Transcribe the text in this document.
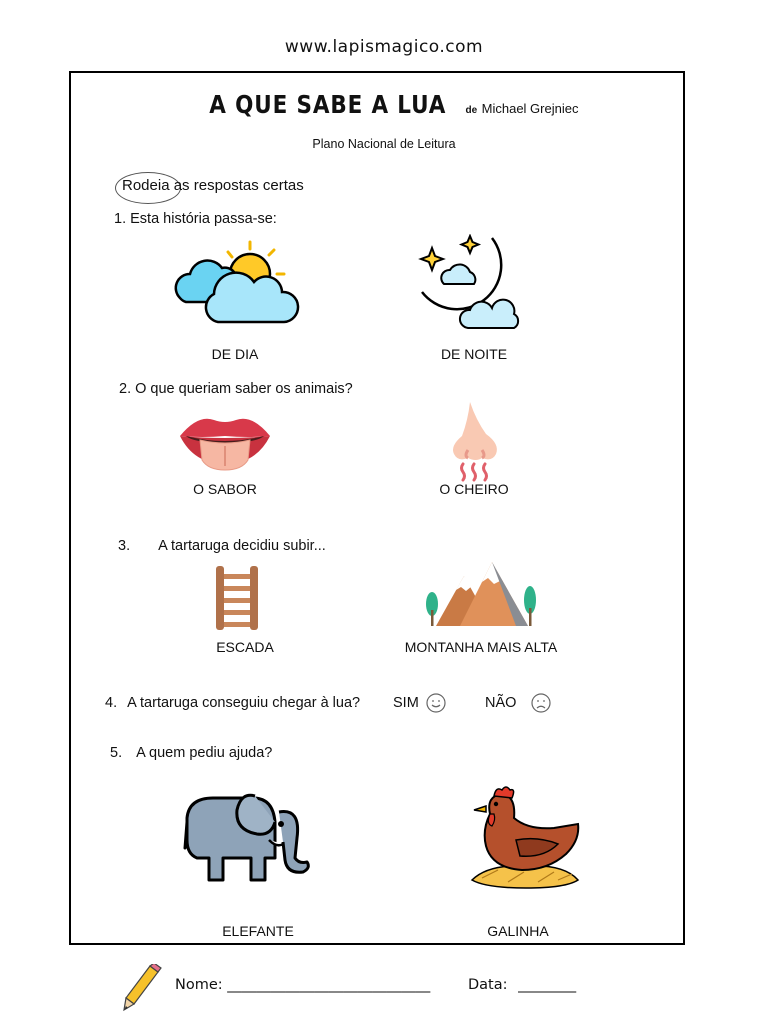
www.lapismagico.com
A QUE SABE A LUA de Michael Grejniec
Plano Nacional de Leitura
Rodeia as respostas certas
1. Esta história passa-se:
DE DIA	DE NOITE
2. O que queriam saber os animais?
O SABOR	O CHEIRO
3. A tartaruga decidiu subir...
ESCADA	MONTANHA MAIS ALTA
4. A tartaruga conseguiu chegar à lua? SIM	NÃO
5. A quem pediu ajuda?
ELEFANTE	GALINHA
Nome: ____________________________	Data: ________
